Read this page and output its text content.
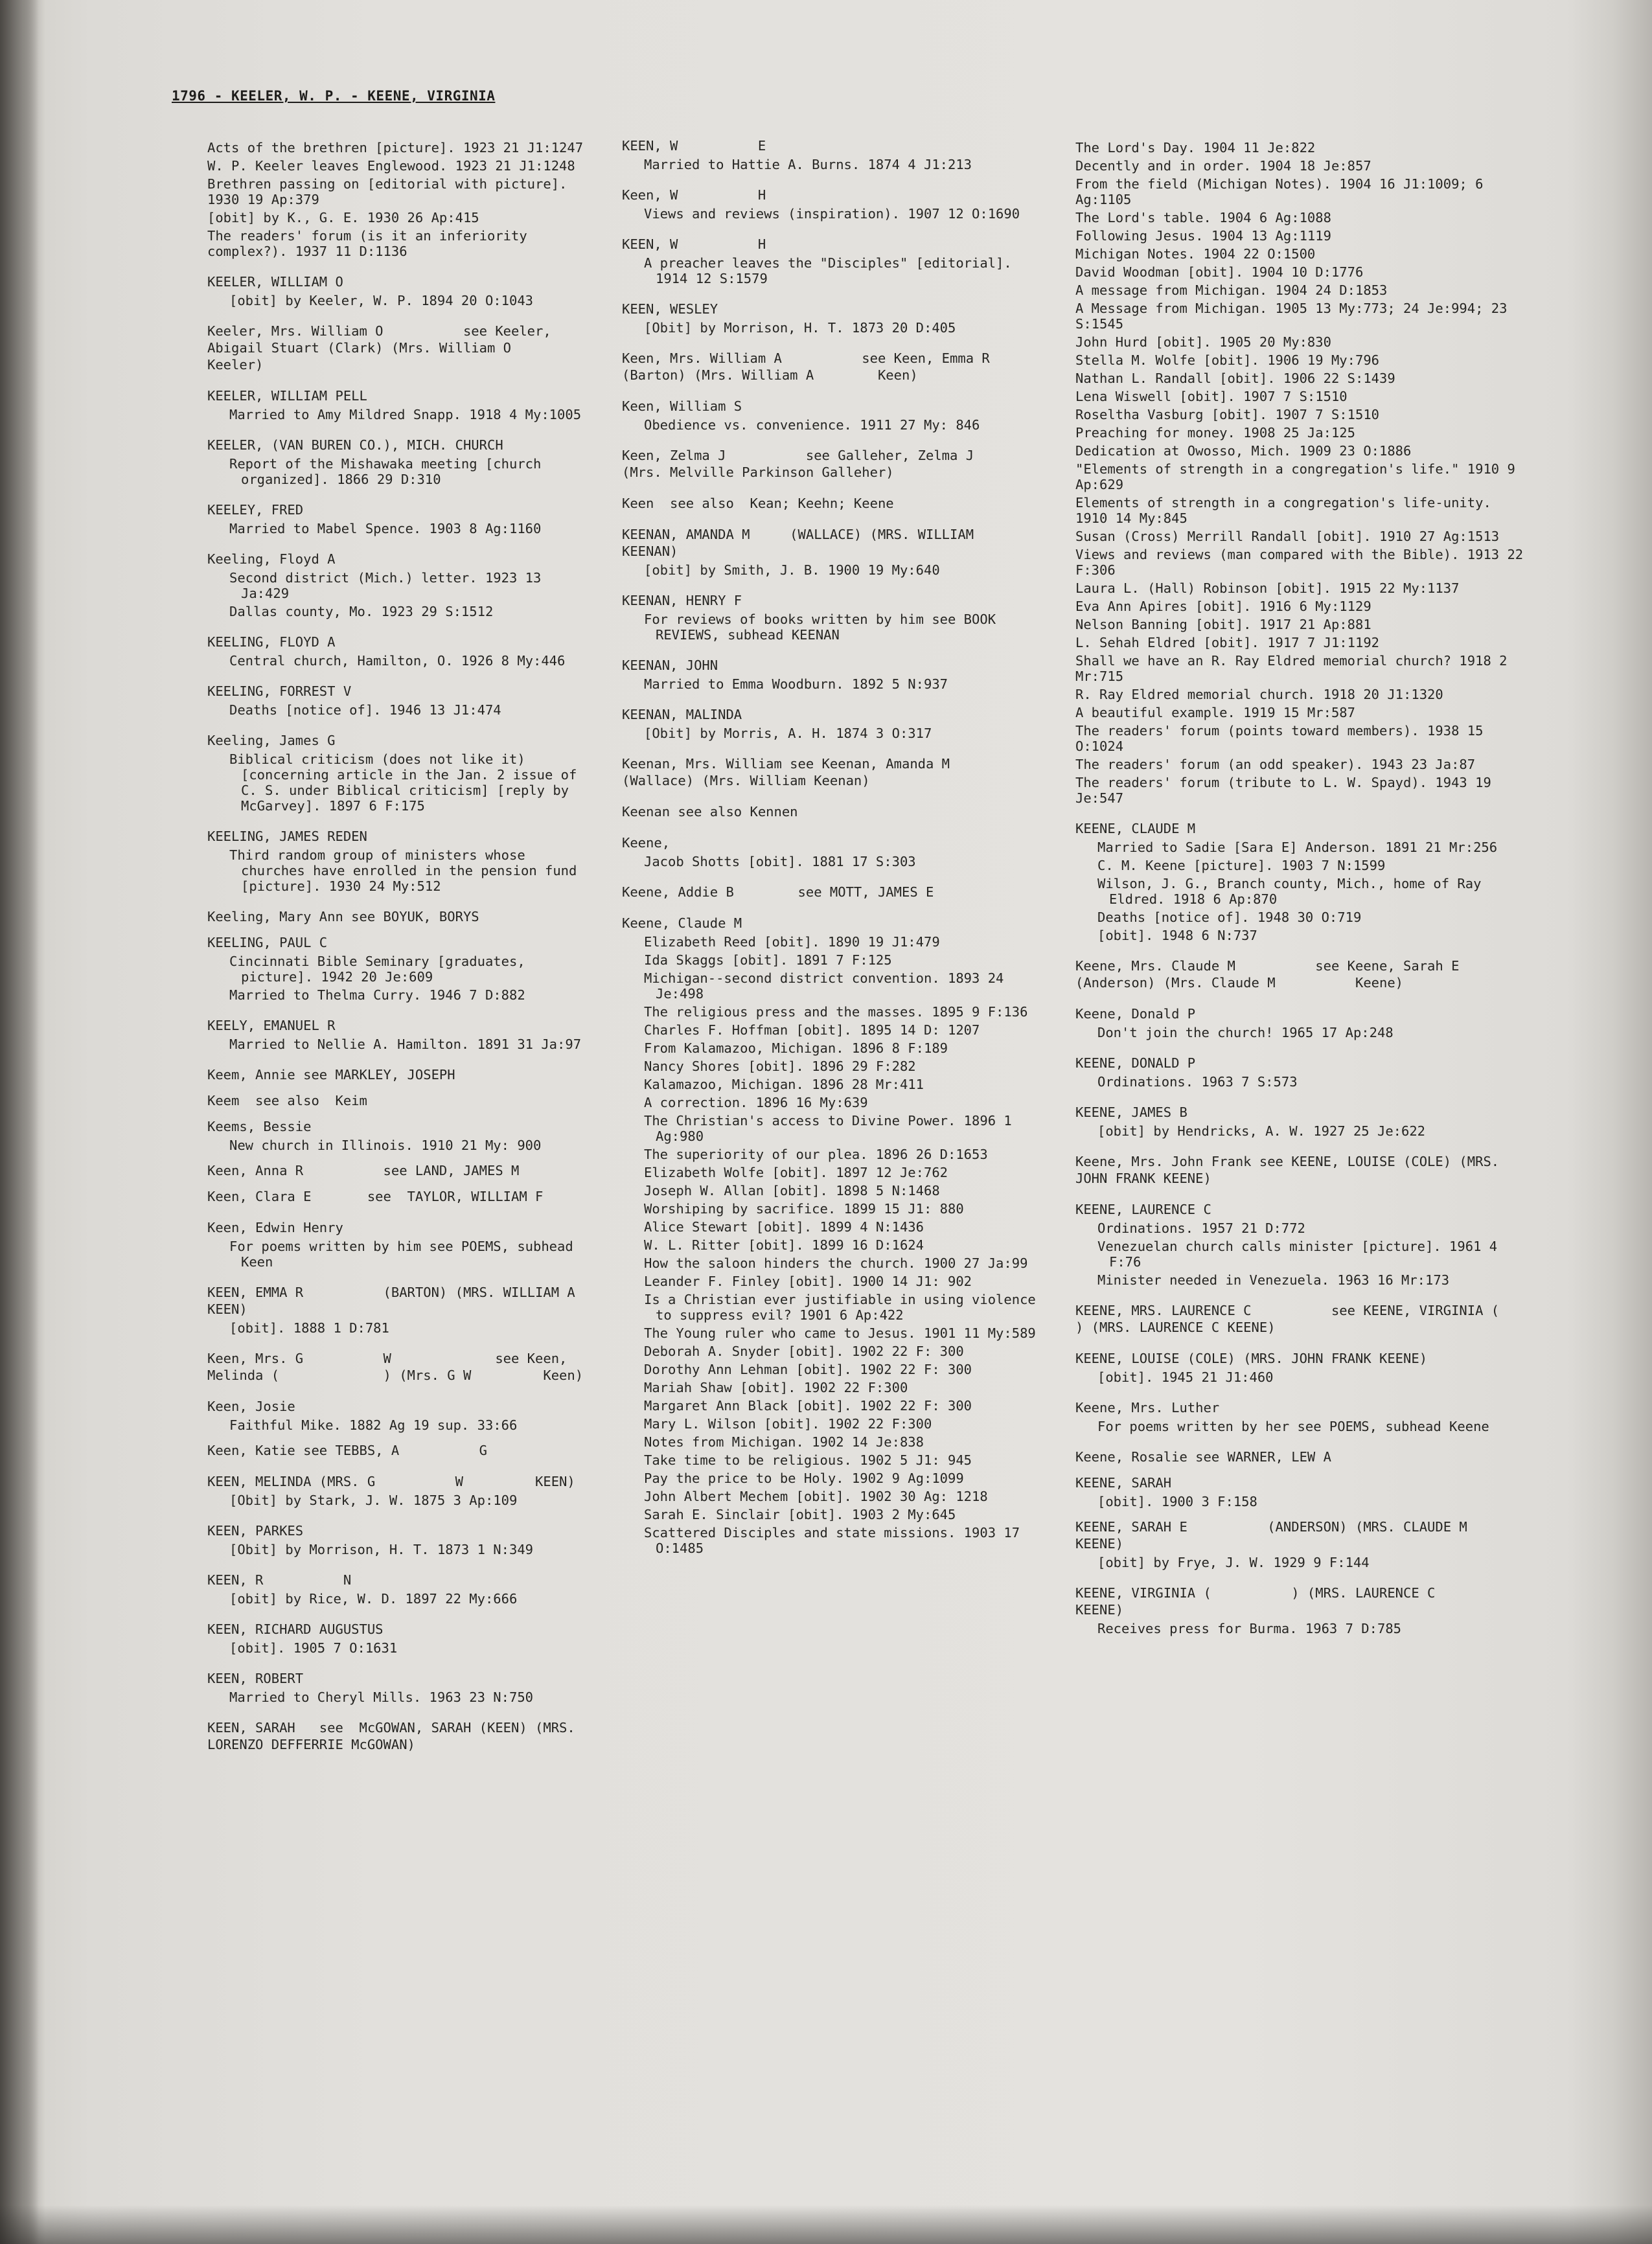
1796 - KEELER, W. P. - KEENE, VIRGINIA
Acts of the brethren [picture]. 1923 21 J1:1247
W. P. Keeler leaves Englewood. 1923 21 J1:1248
Brethren passing on [editorial with picture]. 1930 19 Ap:379
[obit] by K., G. E. 1930 26 Ap:415
The readers' forum (is it an inferiority complex?). 1937 11 D:1136
KEELER, WILLIAM O
[obit] by Keeler, W. P. 1894 20 O:1043
Keeler, Mrs. William O          see Keeler, Abigail Stuart (Clark) (Mrs. William O        Keeler)
KEELER, WILLIAM PELL
Married to Amy Mildred Snapp. 1918 4 My:1005
KEELER, (VAN BUREN CO.), MICH. CHURCH
Report of the Mishawaka meeting [church organized]. 1866 29 D:310
KEELEY, FRED
Married to Mabel Spence. 1903 8 Ag:1160
Keeling, Floyd A
Second district (Mich.) letter. 1923 13 Ja:429
Dallas county, Mo. 1923 29 S:1512
KEELING, FLOYD A
Central church, Hamilton, O. 1926 8 My:446
KEELING, FORREST V
Deaths [notice of]. 1946 13 J1:474
Keeling, James G
Biblical criticism (does not like it) [concerning article in the Jan. 2 issue of C. S. under Biblical criticism] [reply by McGarvey]. 1897 6 F:175
KEELING, JAMES REDEN
Third random group of ministers whose churches have enrolled in the pension fund [picture]. 1930 24 My:512
Keeling, Mary Ann see BOYUK, BORYS
KEELING, PAUL C
Cincinnati Bible Seminary [graduates, picture]. 1942 20 Je:609
Married to Thelma Curry. 1946 7 D:882
KEELY, EMANUEL R
Married to Nellie A. Hamilton. 1891 31 Ja:97
Keem, Annie see MARKLEY, JOSEPH
Keem  see also  Keim
Keems, Bessie
New church in Illinois. 1910 21 My: 900
Keen, Anna R          see LAND, JAMES M
Keen, Clara E       see  TAYLOR, WILLIAM F
Keen, Edwin Henry
For poems written by him see POEMS, subhead Keen
KEEN, EMMA R          (BARTON) (MRS. WILLIAM A KEEN)
[obit]. 1888 1 D:781
Keen, Mrs. G          W             see Keen, Melinda (             ) (Mrs. G W         Keen)
Keen, Josie
Faithful Mike. 1882 Ag 19 sup. 33:66
Keen, Katie see TEBBS, A          G
KEEN, MELINDA (MRS. G          W         KEEN)
[Obit] by Stark, J. W. 1875 3 Ap:109
KEEN, PARKES
[Obit] by Morrison, H. T. 1873 1 N:349
KEEN, R          N
[obit] by Rice, W. D. 1897 22 My:666
KEEN, RICHARD AUGUSTUS
[obit]. 1905 7 O:1631
KEEN, ROBERT
Married to Cheryl Mills. 1963 23 N:750
KEEN, SARAH   see  McGOWAN, SARAH (KEEN) (MRS. LORENZO DEFFERRIE McGOWAN)
KEEN, W          E
Married to Hattie A. Burns. 1874 4 J1:213
Keen, W          H
Views and reviews (inspiration). 1907 12 O:1690
KEEN, W          H
A preacher leaves the "Disciples" [editorial]. 1914 12 S:1579
KEEN, WESLEY
[Obit] by Morrison, H. T. 1873 20 D:405
Keen, Mrs. William A          see Keen, Emma R          (Barton) (Mrs. William A        Keen)
Keen, William S
Obedience vs. convenience. 1911 27 My: 846
Keen, Zelma J          see Galleher, Zelma J          (Mrs. Melville Parkinson Galleher)
Keen  see also  Kean; Keehn; Keene
KEENAN, AMANDA M     (WALLACE) (MRS. WILLIAM KEENAN)
[obit] by Smith, J. B. 1900 19 My:640
KEENAN, HENRY F
For reviews of books written by him see BOOK REVIEWS, subhead KEENAN
KEENAN, JOHN
Married to Emma Woodburn. 1892 5 N:937
KEENAN, MALINDA
[Obit] by Morris, A. H. 1874 3 O:317
Keenan, Mrs. William see Keenan, Amanda M          (Wallace) (Mrs. William Keenan)
Keenan see also Kennen
Keene,
Jacob Shotts [obit]. 1881 17 S:303
Keene, Addie B        see MOTT, JAMES E
Keene, Claude M
Elizabeth Reed [obit]. 1890 19 J1:479
Ida Skaggs [obit]. 1891 7 F:125
Michigan--second district convention. 1893 24 Je:498
The religious press and the masses. 1895 9 F:136
Charles F. Hoffman [obit]. 1895 14 D: 1207
From Kalamazoo, Michigan. 1896 8 F:189
Nancy Shores [obit]. 1896 29 F:282
Kalamazoo, Michigan. 1896 28 Mr:411
A correction. 1896 16 My:639
The Christian's access to Divine Power. 1896 1 Ag:980
The superiority of our plea. 1896 26 D:1653
Elizabeth Wolfe [obit]. 1897 12 Je:762
Joseph W. Allan [obit]. 1898 5 N:1468
Worshiping by sacrifice. 1899 15 J1: 880
Alice Stewart [obit]. 1899 4 N:1436
W. L. Ritter [obit]. 1899 16 D:1624
How the saloon hinders the church. 1900 27 Ja:99
Leander F. Finley [obit]. 1900 14 J1: 902
Is a Christian ever justifiable in using violence to suppress evil? 1901 6 Ap:422
The Young ruler who came to Jesus. 1901 11 My:589
Deborah A. Snyder [obit]. 1902 22 F: 300
Dorothy Ann Lehman [obit]. 1902 22 F: 300
Mariah Shaw [obit]. 1902 22 F:300
Margaret Ann Black [obit]. 1902 22 F: 300
Mary L. Wilson [obit]. 1902 22 F:300
Notes from Michigan. 1902 14 Je:838
Take time to be religious. 1902 5 J1: 945
Pay the price to be Holy. 1902 9 Ag:1099
John Albert Mechem [obit]. 1902 30 Ag: 1218
Sarah E. Sinclair [obit]. 1903 2 My:645
Scattered Disciples and state missions. 1903 17 O:1485
The Lord's Day. 1904 11 Je:822
Decently and in order. 1904 18 Je:857
From the field (Michigan Notes). 1904 16 J1:1009; 6 Ag:1105
The Lord's table. 1904 6 Ag:1088
Following Jesus. 1904 13 Ag:1119
Michigan Notes. 1904 22 O:1500
David Woodman [obit]. 1904 10 D:1776
A message from Michigan. 1904 24 D:1853
A Message from Michigan. 1905 13 My:773; 24 Je:994; 23 S:1545
John Hurd [obit]. 1905 20 My:830
Stella M. Wolfe [obit]. 1906 19 My:796
Nathan L. Randall [obit]. 1906 22 S:1439
Lena Wiswell [obit]. 1907 7 S:1510
Roseltha Vasburg [obit]. 1907 7 S:1510
Preaching for money. 1908 25 Ja:125
Dedication at Owosso, Mich. 1909 23 O:1886
"Elements of strength in a congregation's life." 1910 9 Ap:629
Elements of strength in a congregation's life-unity. 1910 14 My:845
Susan (Cross) Merrill Randall [obit]. 1910 27 Ag:1513
Views and reviews (man compared with the Bible). 1913 22 F:306
Laura L. (Hall) Robinson [obit]. 1915 22 My:1137
Eva Ann Apires [obit]. 1916 6 My:1129
Nelson Banning [obit]. 1917 21 Ap:881
L. Sehah Eldred [obit]. 1917 7 J1:1192
Shall we have an R. Ray Eldred memorial church? 1918 2 Mr:715
R. Ray Eldred memorial church. 1918 20 J1:1320
A beautiful example. 1919 15 Mr:587
The readers' forum (points toward members). 1938 15 O:1024
The readers' forum (an odd speaker). 1943 23 Ja:87
The readers' forum (tribute to L. W. Spayd). 1943 19 Je:547
KEENE, CLAUDE M
Married to Sadie [Sara E] Anderson. 1891 21 Mr:256
C. M. Keene [picture]. 1903 7 N:1599
Wilson, J. G., Branch county, Mich., home of Ray Eldred. 1918 6 Ap:870
Deaths [notice of]. 1948 30 O:719
[obit]. 1948 6 N:737
Keene, Mrs. Claude M          see Keene, Sarah E          (Anderson) (Mrs. Claude M          Keene)
Keene, Donald P
Don't join the church! 1965 17 Ap:248
KEENE, DONALD P
Ordinations. 1963 7 S:573
KEENE, JAMES B
[obit] by Hendricks, A. W. 1927 25 Je:622
Keene, Mrs. John Frank see KEENE, LOUISE (COLE) (MRS. JOHN FRANK KEENE)
KEENE, LAURENCE C
Ordinations. 1957 21 D:772
Venezuelan church calls minister [picture]. 1961 4 F:76
Minister needed in Venezuela. 1963 16 Mr:173
KEENE, MRS. LAURENCE C          see KEENE, VIRGINIA (          ) (MRS. LAURENCE C KEENE)
KEENE, LOUISE (COLE) (MRS. JOHN FRANK KEENE)
[obit]. 1945 21 J1:460
Keene, Mrs. Luther
For poems written by her see POEMS, subhead Keene
Keene, Rosalie see WARNER, LEW A
KEENE, SARAH
[obit]. 1900 3 F:158
KEENE, SARAH E          (ANDERSON) (MRS. CLAUDE M          KEENE)
[obit] by Frye, J. W. 1929 9 F:144
KEENE, VIRGINIA (          ) (MRS. LAURENCE C          KEENE)
Receives press for Burma. 1963 7 D:785
